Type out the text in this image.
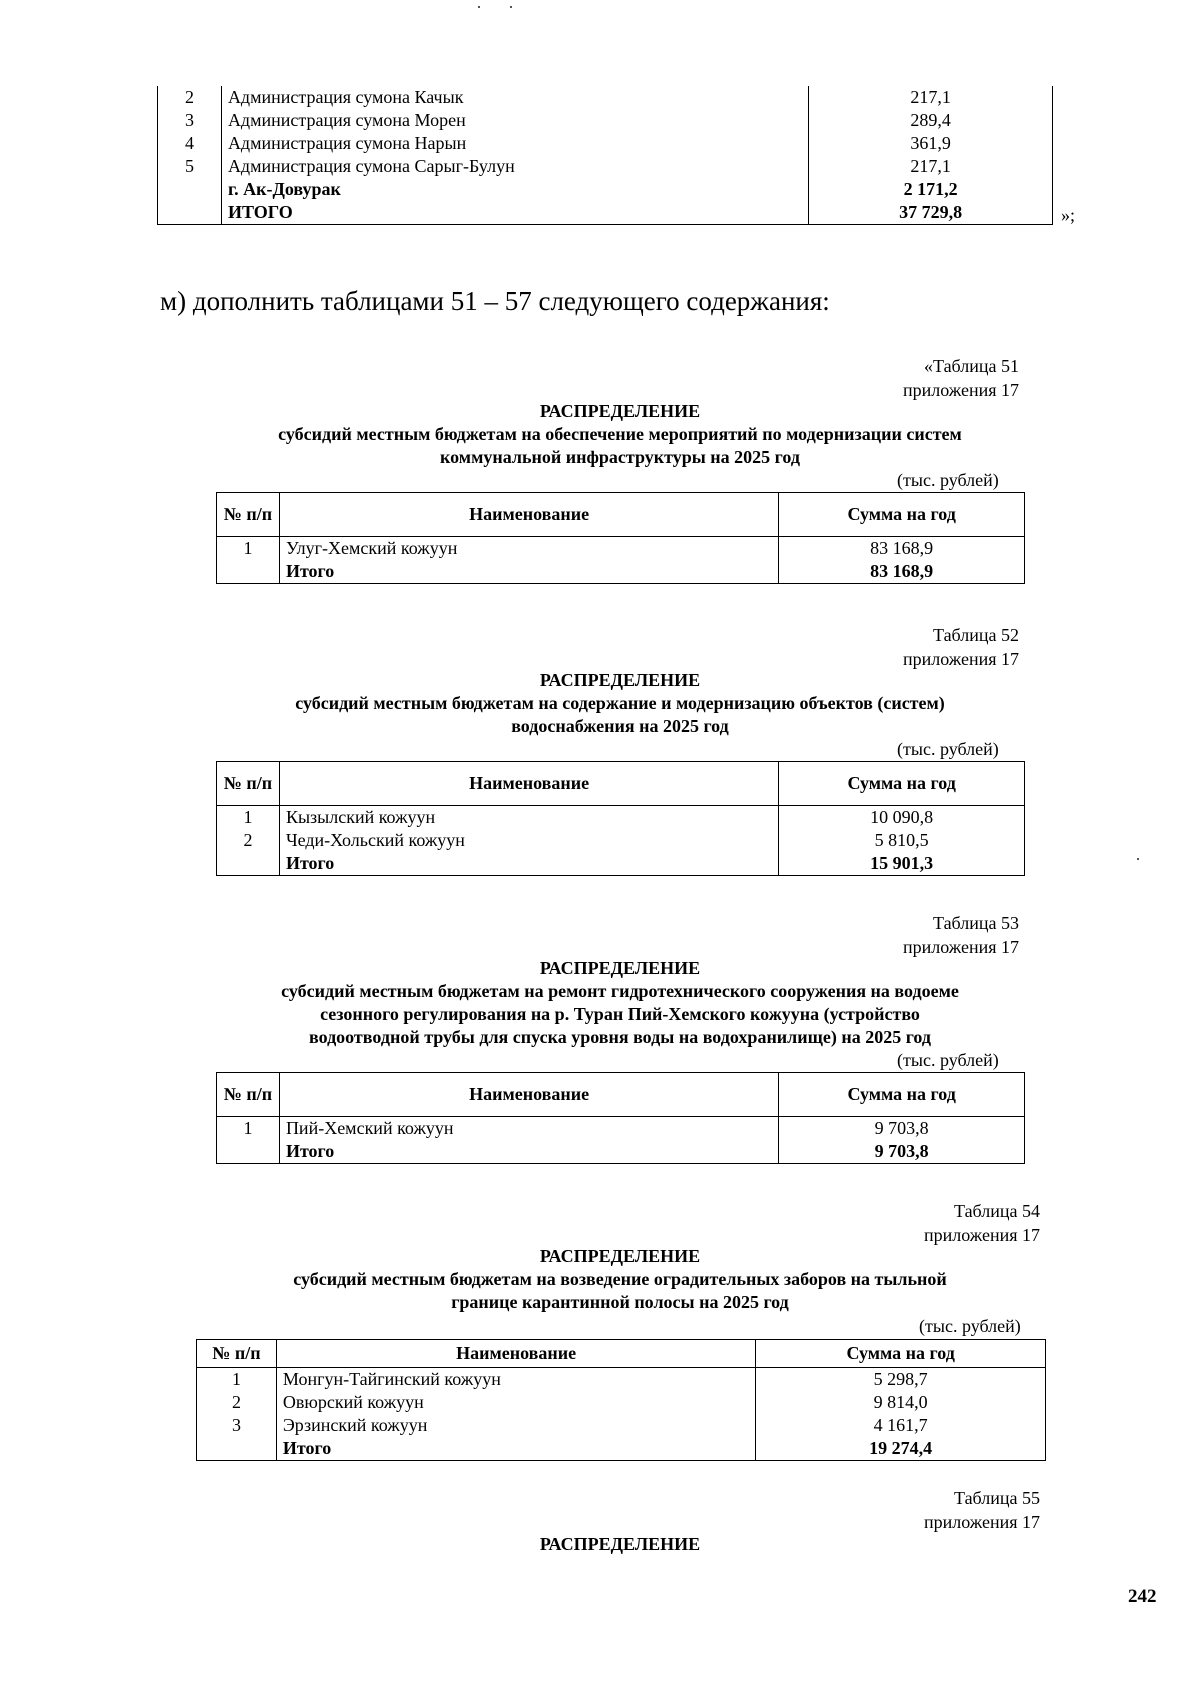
2	Администрация сумона Качык	217,1
3	Администрация сумона Морен	289,4
4	Администрация сумона Нарын	361,9
5	Администрация сумона Сарыг-Булун	217,1
	г. Ак-Довурак	2 171,2
	ИТОГО	37 729,8	»;
м) дополнить таблицами 51 – 57 следующего содержания:
«Таблица 51
приложения 17
РАСПРЕДЕЛЕНИЕ
субсидий местным бюджетам на обеспечение мероприятий по модернизации систем
коммунальной инфраструктуры на 2025 год
(тыс. рублей)
№ п/п	Наименование	Сумма на год
1	Улуг-Хемский кожуун	83 168,9
	Итого	83 168,9
Таблица 52
приложения 17
РАСПРЕДЕЛЕНИЕ
субсидий местным бюджетам на содержание и модернизацию объектов (систем)
водоснабжения на 2025 год
(тыс. рублей)
№ п/п	Наименование	Сумма на год
1	Кызылский кожуун	10 090,8
2	Чеди-Хольский кожуун	5 810,5
	Итого	15 901,3
Таблица 53
приложения 17
РАСПРЕДЕЛЕНИЕ
субсидий местным бюджетам на ремонт гидротехнического сооружения на водоеме
сезонного регулирования на р. Туран Пий-Хемского кожууна (устройство
водоотводной трубы для спуска уровня воды на водохранилище) на 2025 год
(тыс. рублей)
№ п/п	Наименование	Сумма на год
1	Пий-Хемский кожуун	9 703,8
	Итого	9 703,8
Таблица 54
приложения 17
РАСПРЕДЕЛЕНИЕ
субсидий местным бюджетам на возведение оградительных заборов на тыльной
границе карантинной полосы на 2025 год
(тыс. рублей)
№ п/п	Наименование	Сумма на год
1	Монгун-Тайгинский кожуун	5 298,7
2	Овюрский кожуун	9 814,0
3	Эрзинский кожуун	4 161,7
	Итого	19 274,4
Таблица 55
приложения 17
РАСПРЕДЕЛЕНИЕ
242
